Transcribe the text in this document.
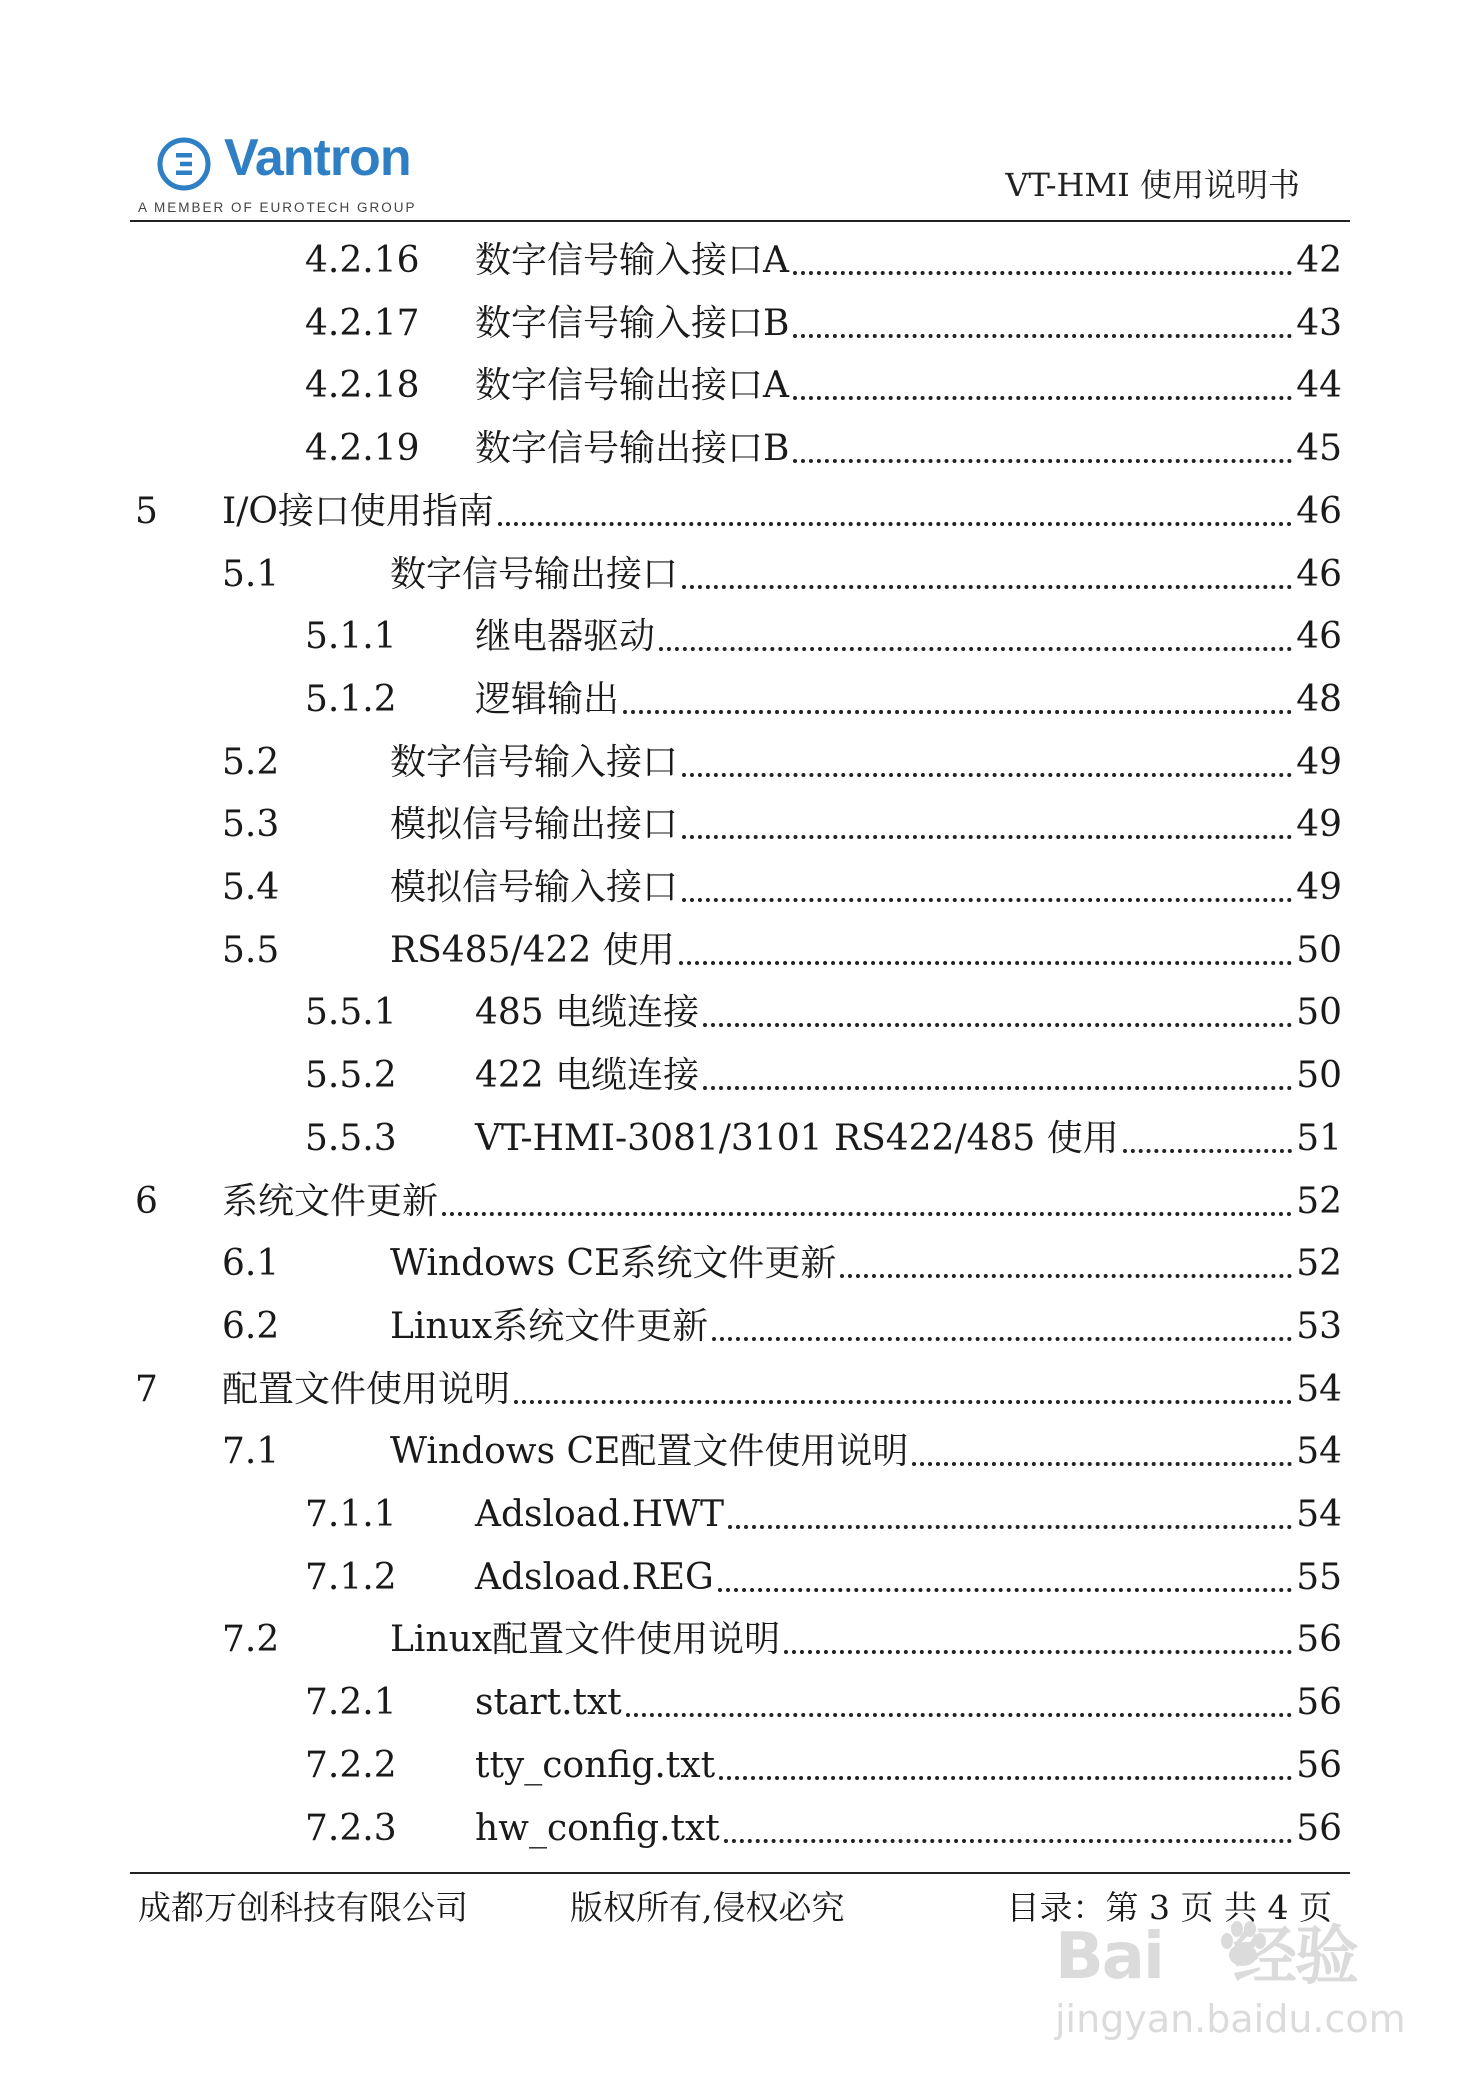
Vantron
A MEMBER OF EUROTECH GROUP
VT-HMI 使用说明书
4.2.16	数字信号输入接口A	42
4.2.17	数字信号输入接口B	43
4.2.18	数字信号输出接口A	44
4.2.19	数字信号输出接口B	45
5	I/O接口使用指南	46
5.1	数字信号输出接口	46
5.1.1	继电器驱动	46
5.1.2	逻辑输出	48
5.2	数字信号输入接口	49
5.3	模拟信号输出接口	49
5.4	模拟信号输入接口	49
5.5	RS485/422 使用	50
5.5.1	485 电缆连接	50
5.5.2	422 电缆连接	50
5.5.3	VT-HMI-3081/3101 RS422/485 使用	51
6	系统文件更新	52
6.1	Windows CE系统文件更新	52
6.2	Linux系统文件更新	53
7	配置文件使用说明	54
7.1	Windows CE配置文件使用说明	54
7.1.1	Adsload.HWT	54
7.1.2	Adsload.REG	55
7.2	Linux配置文件使用说明	56
7.2.1	start.txt	56
7.2.2	tty_config.txt	56
7.2.3	hw_config.txt	56
成都万创科技有限公司	版权所有,侵权必究	目录：第 3 页 共 4 页
Bai 经验
jingyan.baidu.com
